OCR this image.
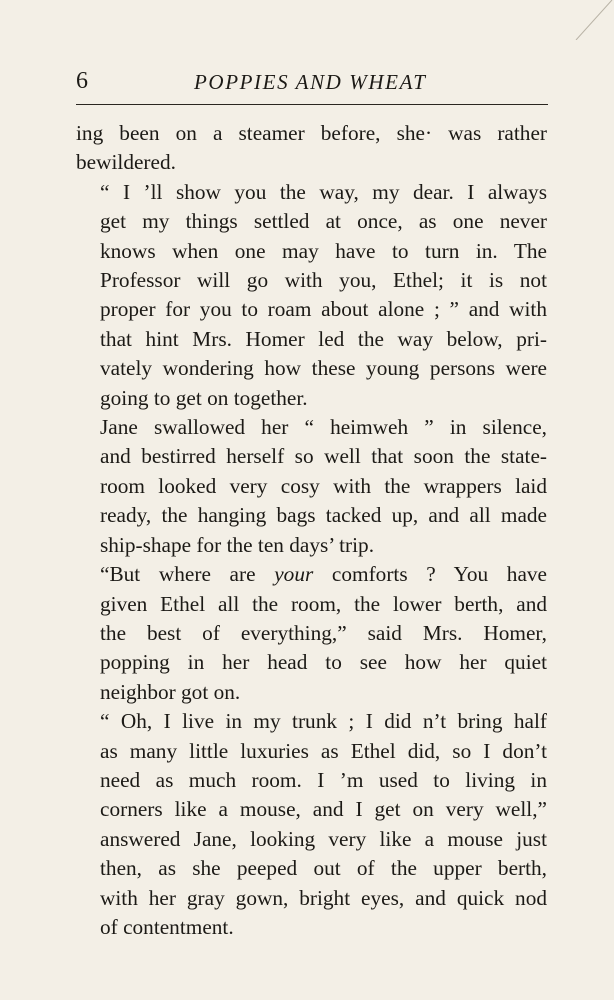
6	POPPIES AND WHEAT

ing been on a steamer before, she· was rather
bewildered.

“ I ’ll show you the way, my dear. I always
get my things settled at once, as one never
knows when one may have to turn in. The
Professor will go with you, Ethel; it is not
proper for you to roam about alone ; ” and with
that hint Mrs. Homer led the way below, pri-
vately wondering how these young persons were
going to get on together.

Jane swallowed her “ heimweh ” in silence,
and bestirred herself so well that soon the state-
room looked very cosy with the wrappers laid
ready, the hanging bags tacked up, and all made
ship-shape for the ten days’ trip.

“But where are your comforts ? You have
given Ethel all the room, the lower berth, and
the best of everything,” said Mrs. Homer,
popping in her head to see how her quiet
neighbor got on.

“ Oh, I live in my trunk ; I did n’t bring half
as many little luxuries as Ethel did, so I don’t
need as much room. I ’m used to living in
corners like a mouse, and I get on very well,”
answered Jane, looking very like a mouse just
then, as she peeped out of the upper berth,
with her gray gown, bright eyes, and quick nod
of contentment.
